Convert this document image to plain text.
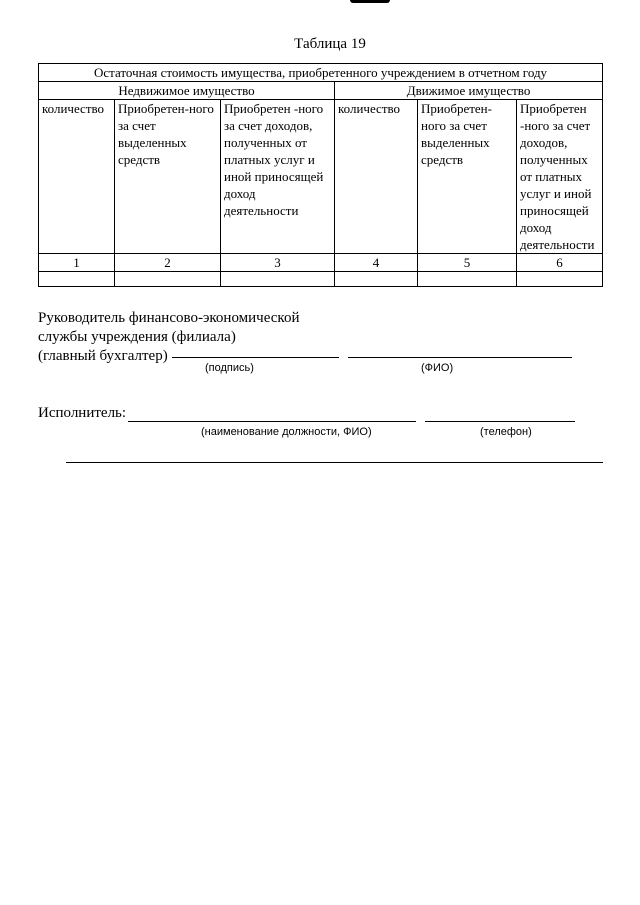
Таблица 19
Остаточная стоимость имущества, приобретенного учреждением в отчетном году					
Недвижимое имущество			Движимое имущество		
количество	Приобретен-ного за счет выделенных средств	Приобретен -ного за счет доходов, полученных от платных услуг и иной приносящей доход деятельности	количество	Приобретен-ного за счет выделенных средств	Приобретен -ного за счет доходов, полученных от платных услуг и иной приносящей доход деятельности
1	2	3	4	5	6

Руководитель финансово-экономической
службы учреждения (филиала)
(главный бухгалтер)
(подпись)	(ФИО)
Исполнитель:
(наименование должности, ФИО)	(телефон)
